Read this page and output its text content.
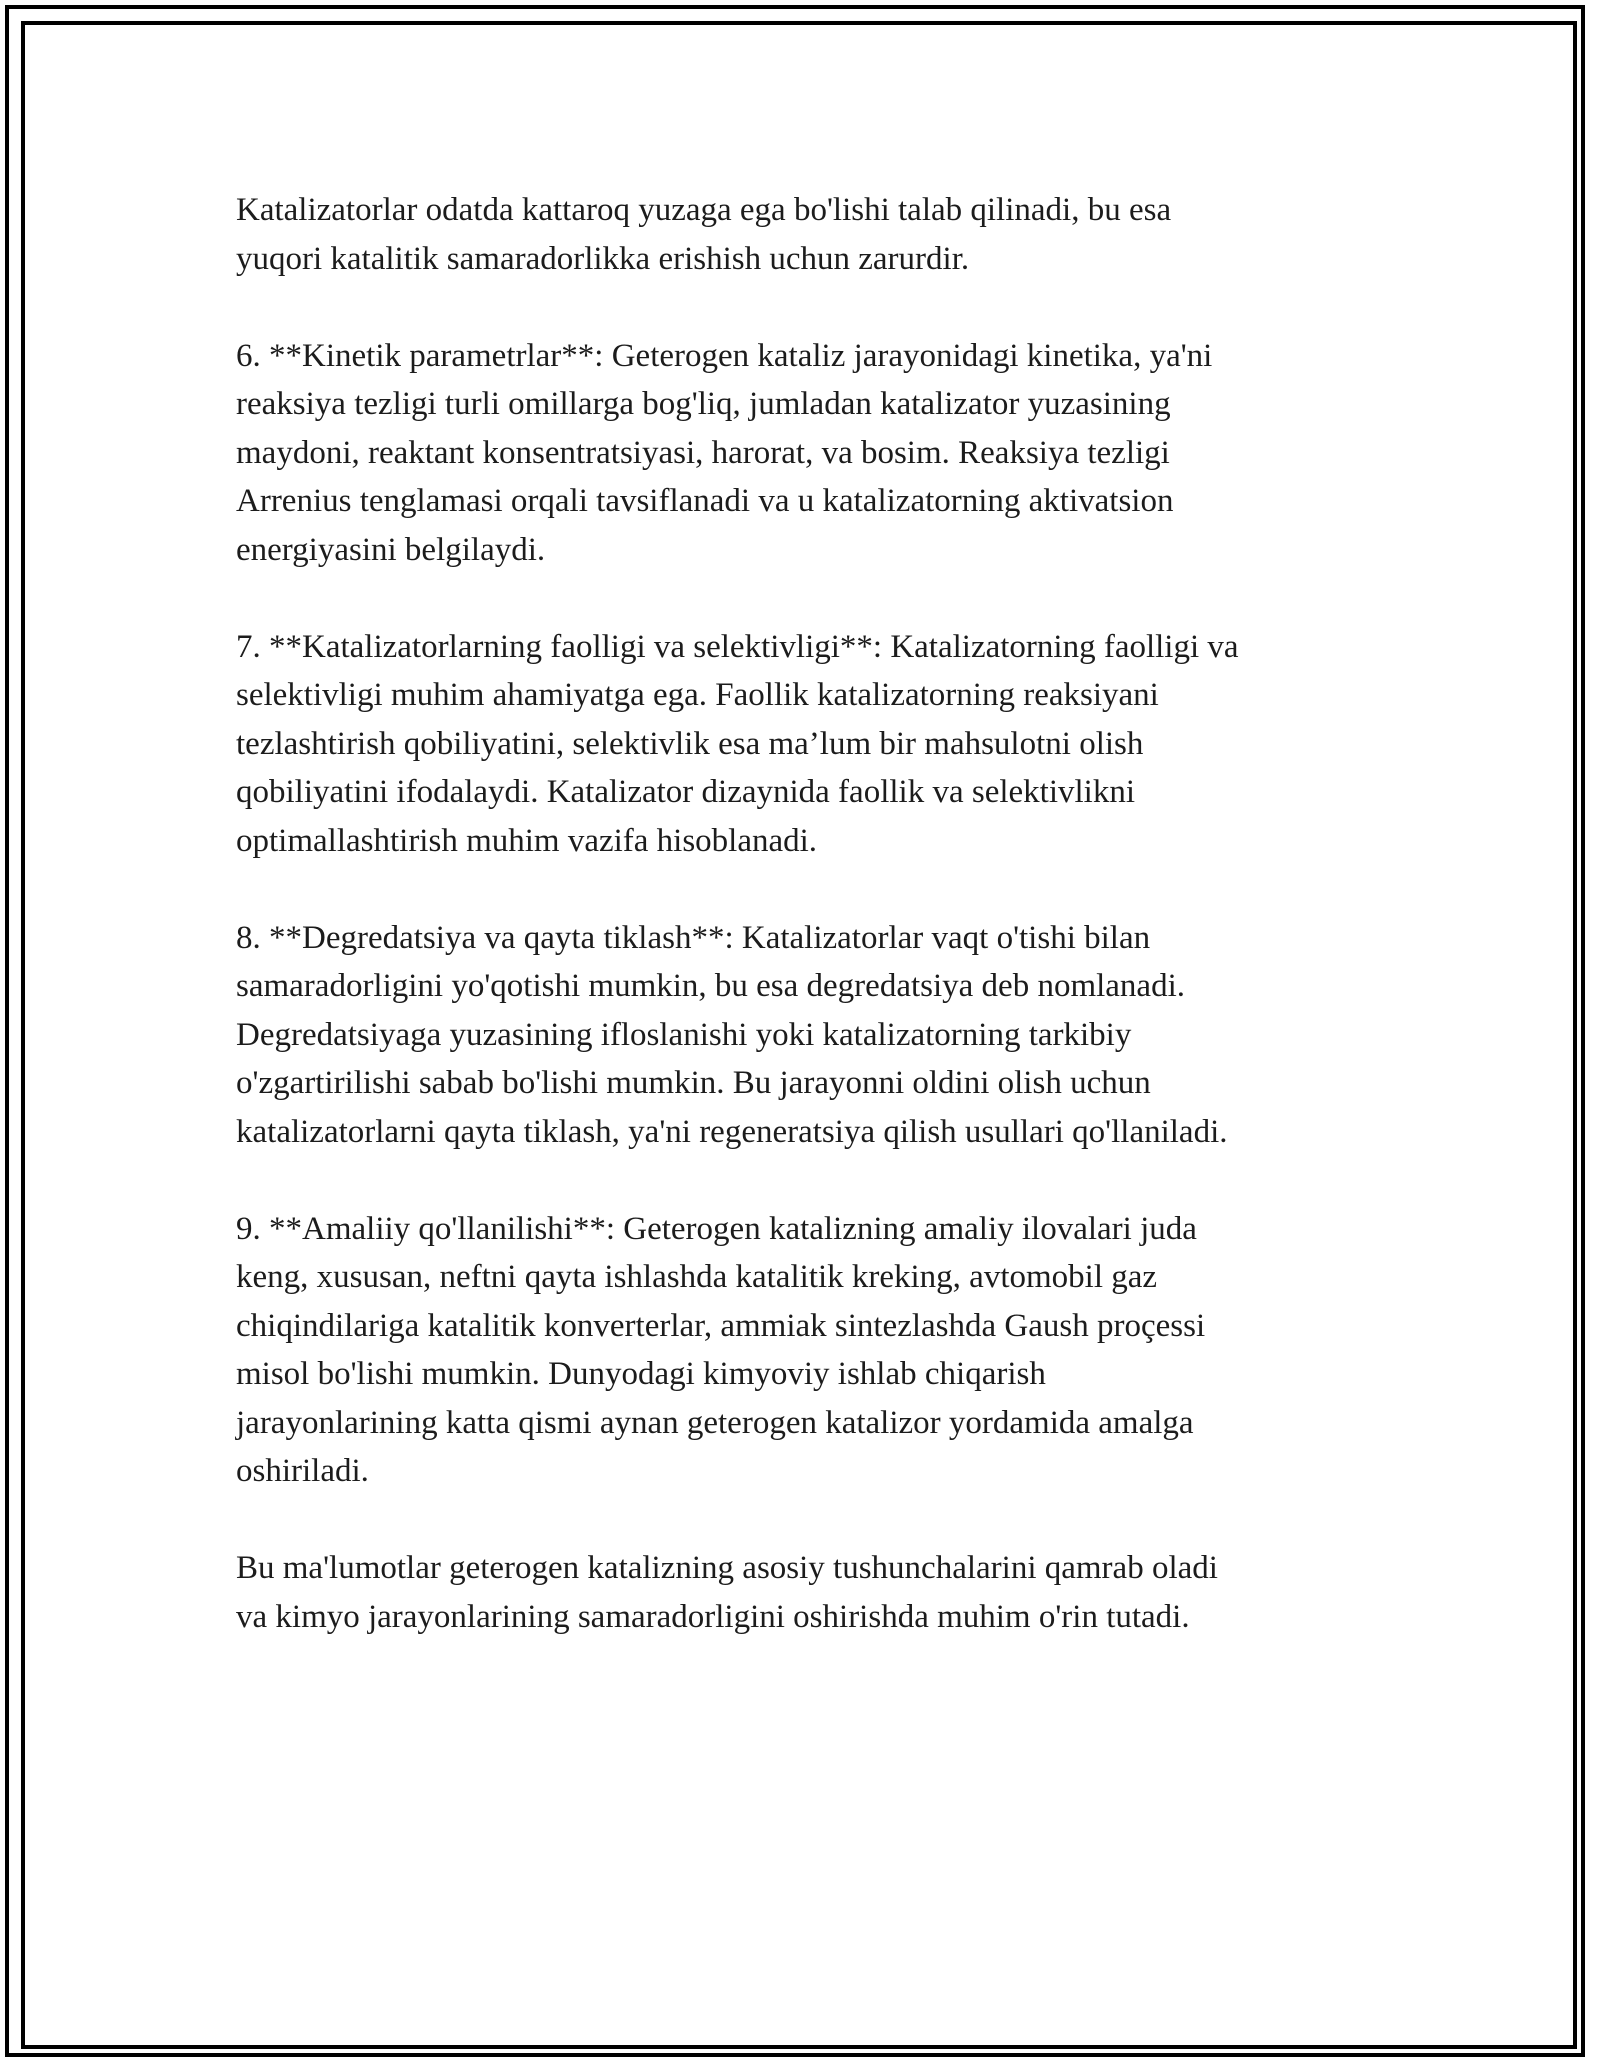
Katalizatorlar odatda kattaroq yuzaga ega bo'lishi talab qilinadi, bu esa
yuqori katalitik samaradorlikka erishish uchun zarurdir.

6. **Kinetik parametrlar**: Geterogen kataliz jarayonidagi kinetika, ya'ni
reaksiya tezligi turli omillarga bog'liq, jumladan katalizator yuzasining
maydoni, reaktant konsentratsiyasi, harorat, va bosim. Reaksiya tezligi
Arrenius tenglamasi orqali tavsiflanadi va u katalizatorning aktivatsion
energiyasini belgilaydi.

7. **Katalizatorlarning faolligi va selektivligi**: Katalizatorning faolligi va
selektivligi muhim ahamiyatga ega. Faollik katalizatorning reaksiyani
tezlashtirish qobiliyatini, selektivlik esa ma’lum bir mahsulotni olish
qobiliyatini ifodalaydi. Katalizator dizaynida faollik va selektivlikni
optimallashtirish muhim vazifa hisoblanadi.

8. **Degredatsiya va qayta tiklash**: Katalizatorlar vaqt o'tishi bilan
samaradorligini yo'qotishi mumkin, bu esa degredatsiya deb nomlanadi.
Degredatsiyaga yuzasining ifloslanishi yoki katalizatorning tarkibiy
o'zgartirilishi sabab bo'lishi mumkin. Bu jarayonni oldini olish uchun
katalizatorlarni qayta tiklash, ya'ni regeneratsiya qilish usullari qo'llaniladi.

9. **Amaliiy qo'llanilishi**: Geterogen katalizning amaliy ilovalari juda
keng, xususan, neftni qayta ishlashda katalitik kreking, avtomobil gaz
chiqindilariga katalitik konverterlar, ammiak sintezlashda Gaush proçessi
misol bo'lishi mumkin. Dunyodagi kimyoviy ishlab chiqarish
jarayonlarining katta qismi aynan geterogen katalizor yordamida amalga
oshiriladi.

Bu ma'lumotlar geterogen katalizning asosiy tushunchalarini qamrab oladi
va kimyo jarayonlarining samaradorligini oshirishda muhim o'rin tutadi.
